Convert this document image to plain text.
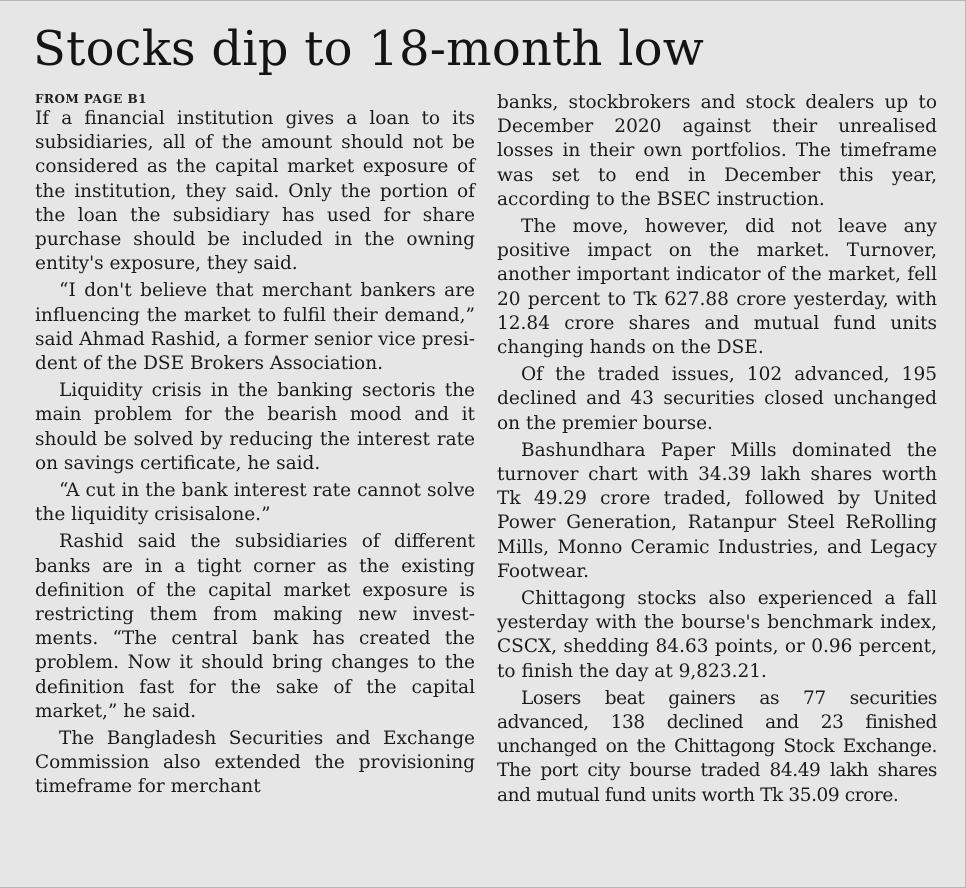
Stocks dip to 18-month low
FROM PAGE B1

If a financial institution gives a loan to its subsidiaries, all of the amount should not be considered as the capital market exposure of the institution, they said. Only the portion of the loan the subsidiary has used for share purchase should be included in the owning entity's exposure, they said.

“I don't believe that merchant bankers are influencing the market to fulfil their demand,” said Ahmad Rashid, a former senior vice president of the DSE Brokers Association.

Liquidity crisis in the banking sectoris the main problem for the bearish mood and it should be solved by reducing the interest rate on savings certificate, he said.

“A cut in the bank interest rate cannot solve the liquidity crisisalone.”

Rashid said the subsidiaries of different banks are in a tight corner as the existing definition of the capital market exposure is restricting them from making new investments. “The central bank has created the problem. Now it should bring changes to the definition fast for the sake of the capital market,” he said.

The Bangladesh Securities and Exchange Commission also extended the provisioning timeframe for merchant

banks, stockbrokers and stock dealers up to December 2020 against their unrealised losses in their own portfolios. The timeframe was set to end in December this year, according to the BSEC instruction.

The move, however, did not leave any positive impact on the market. Turnover, another important indicator of the market, fell 20 percent to Tk 627.88 crore yesterday, with 12.84 crore shares and mutual fund units changing hands on the DSE.

Of the traded issues, 102 advanced, 195 declined and 43 securities closed unchanged on the premier bourse.

Bashundhara Paper Mills dominated the turnover chart with 34.39 lakh shares worth Tk 49.29 crore traded, followed by United Power Generation, Ratanpur Steel ReRolling Mills, Monno Ceramic Industries, and Legacy Footwear.

Chittagong stocks also experienced a fall yesterday with the bourse's benchmark index, CSCX, shedding 84.63 points, or 0.96 percent, to finish the day at 9,823.21.

Losers beat gainers as 77 securities advanced, 138 declined and 23 finished unchanged on the Chittagong Stock Exchange. The port city bourse traded 84.49 lakh shares and mutual fund units worth Tk 35.09 crore.
